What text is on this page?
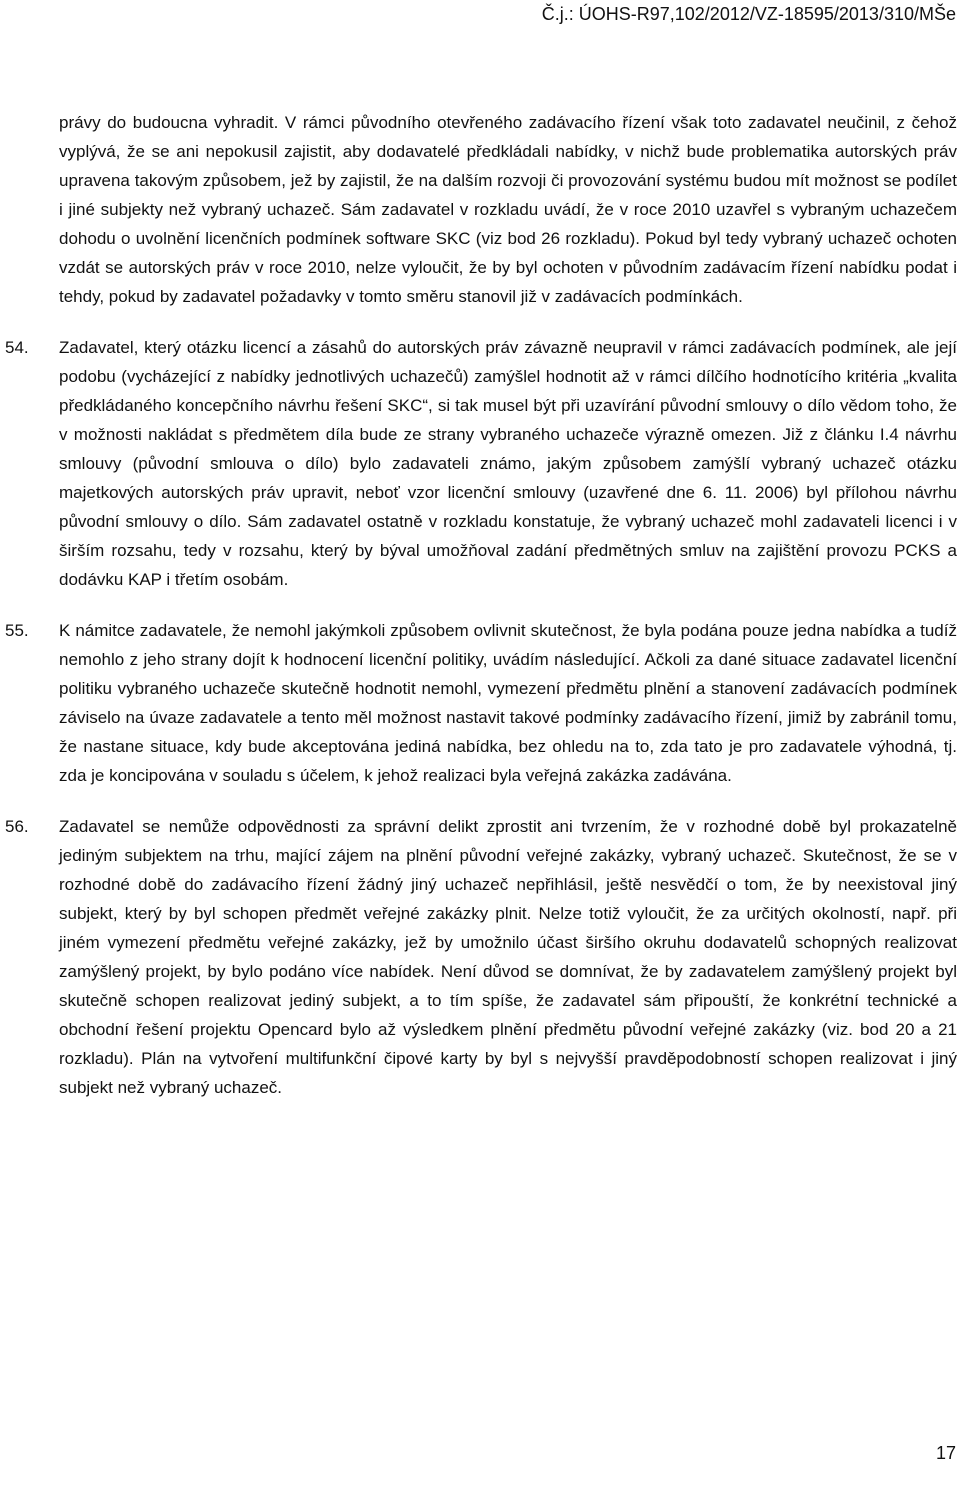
Č.j.: ÚOHS-R97,102/2012/VZ-18595/2013/310/MŠe

právy do budoucna vyhradit. V rámci původního otevřeného zadávacího řízení však toto zadavatel neučinil, z čehož vyplývá, že se ani nepokusil zajistit, aby dodavatelé předkládali nabídky, v nichž bude problematika autorských práv upravena takovým způsobem, jež by zajistil, že na dalším rozvoji či provozování systému budou mít možnost se podílet i jiné subjekty než vybraný uchazeč. Sám zadavatel v rozkladu uvádí, že v roce 2010 uzavřel s vybraným uchazečem dohodu o uvolnění licenčních podmínek software SKC (viz bod 26 rozkladu). Pokud byl tedy vybraný uchazeč ochoten vzdát se autorských práv v roce 2010, nelze vyloučit, že by byl ochoten v původním zadávacím řízení nabídku podat i tehdy, pokud by zadavatel požadavky v tomto směru stanovil již v zadávacích podmínkách.

54. Zadavatel, který otázku licencí a zásahů do autorských práv závazně neupravil v rámci zadávacích podmínek, ale její podobu (vycházející z nabídky jednotlivých uchazečů) zamýšlel hodnotit až v rámci dílčího hodnotícího kritéria „kvalita předkládaného koncepčního návrhu řešení SKC“, si tak musel být při uzavírání původní smlouvy o dílo vědom toho, že v možnosti nakládat s předmětem díla bude ze strany vybraného uchazeče výrazně omezen. Již z článku I.4 návrhu smlouvy (původní smlouva o dílo) bylo zadavateli známo, jakým způsobem zamýšlí vybraný uchazeč otázku majetkových autorských práv upravit, neboť vzor licenční smlouvy (uzavřené dne 6. 11. 2006) byl přílohou návrhu původní smlouvy o dílo. Sám zadavatel ostatně v rozkladu konstatuje, že vybraný uchazeč mohl zadavateli licenci i v širším rozsahu, tedy v rozsahu, který by býval umožňoval zadání předmětných smluv na zajištění provozu PCKS a dodávku KAP i třetím osobám.

55. K námitce zadavatele, že nemohl jakýmkoli způsobem ovlivnit skutečnost, že byla podána pouze jedna nabídka a tudíž nemohlo z jeho strany dojít k hodnocení licenční politiky, uvádím následující. Ačkoli za dané situace zadavatel licenční politiku vybraného uchazeče skutečně hodnotit nemohl, vymezení předmětu plnění a stanovení zadávacích podmínek záviselo na úvaze zadavatele a tento měl možnost nastavit takové podmínky zadávacího řízení, jimiž by zabránil tomu, že nastane situace, kdy bude akceptována jediná nabídka, bez ohledu na to, zda tato je pro zadavatele výhodná, tj. zda je koncipována v souladu s účelem, k jehož realizaci byla veřejná zakázka zadávána.

56. Zadavatel se nemůže odpovědnosti za správní delikt zprostit ani tvrzením, že v rozhodné době byl prokazatelně jediným subjektem na trhu, mající zájem na plnění původní veřejné zakázky, vybraný uchazeč. Skutečnost, že se v rozhodné době do zadávacího řízení žádný jiný uchazeč nepřihlásil, ještě nesvědčí o tom, že by neexistoval jiný subjekt, který by byl schopen předmět veřejné zakázky plnit. Nelze totiž vyloučit, že za určitých okolností, např. při jiném vymezení předmětu veřejné zakázky, jež by umožnilo účast širšího okruhu dodavatelů schopných realizovat zamýšlený projekt, by bylo podáno více nabídek. Není důvod se domnívat, že by zadavatelem zamýšlený projekt byl skutečně schopen realizovat jediný subjekt, a to tím spíše, že zadavatel sám připouští, že konkrétní technické a obchodní řešení projektu Opencard bylo až výsledkem plnění předmětu původní veřejné zakázky (viz. bod 20 a 21 rozkladu). Plán na vytvoření multifunkční čipové karty by byl s nejvyšší pravděpodobností schopen realizovat i jiný subjekt než vybraný uchazeč.

17
